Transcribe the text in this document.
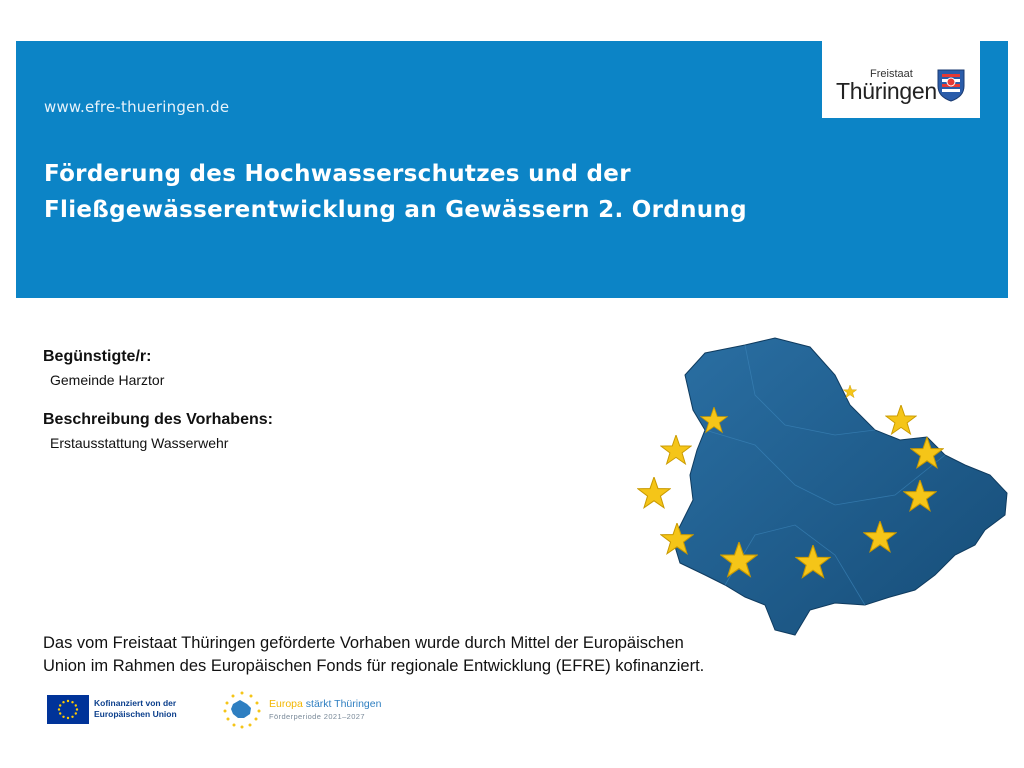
www.efre-thueringen.de
Förderung des Hochwasserschutzes und der
Fließgewässerentwicklung an Gewässern 2. Ordnung
Freistaat
Thüringen
Begünstigte/r:
Gemeinde Harztor
Beschreibung des Vorhabens:
Erstausstattung Wasserwehr
Das vom Freistaat Thüringen geförderte Vorhaben wurde durch Mittel der Europäischen
Union im Rahmen des Europäischen Fonds für regionale Entwicklung (EFRE) kofinanziert.
Kofinanziert von der
Europäischen Union
Europa stärkt Thüringen
Förderperiode 2021–2027
